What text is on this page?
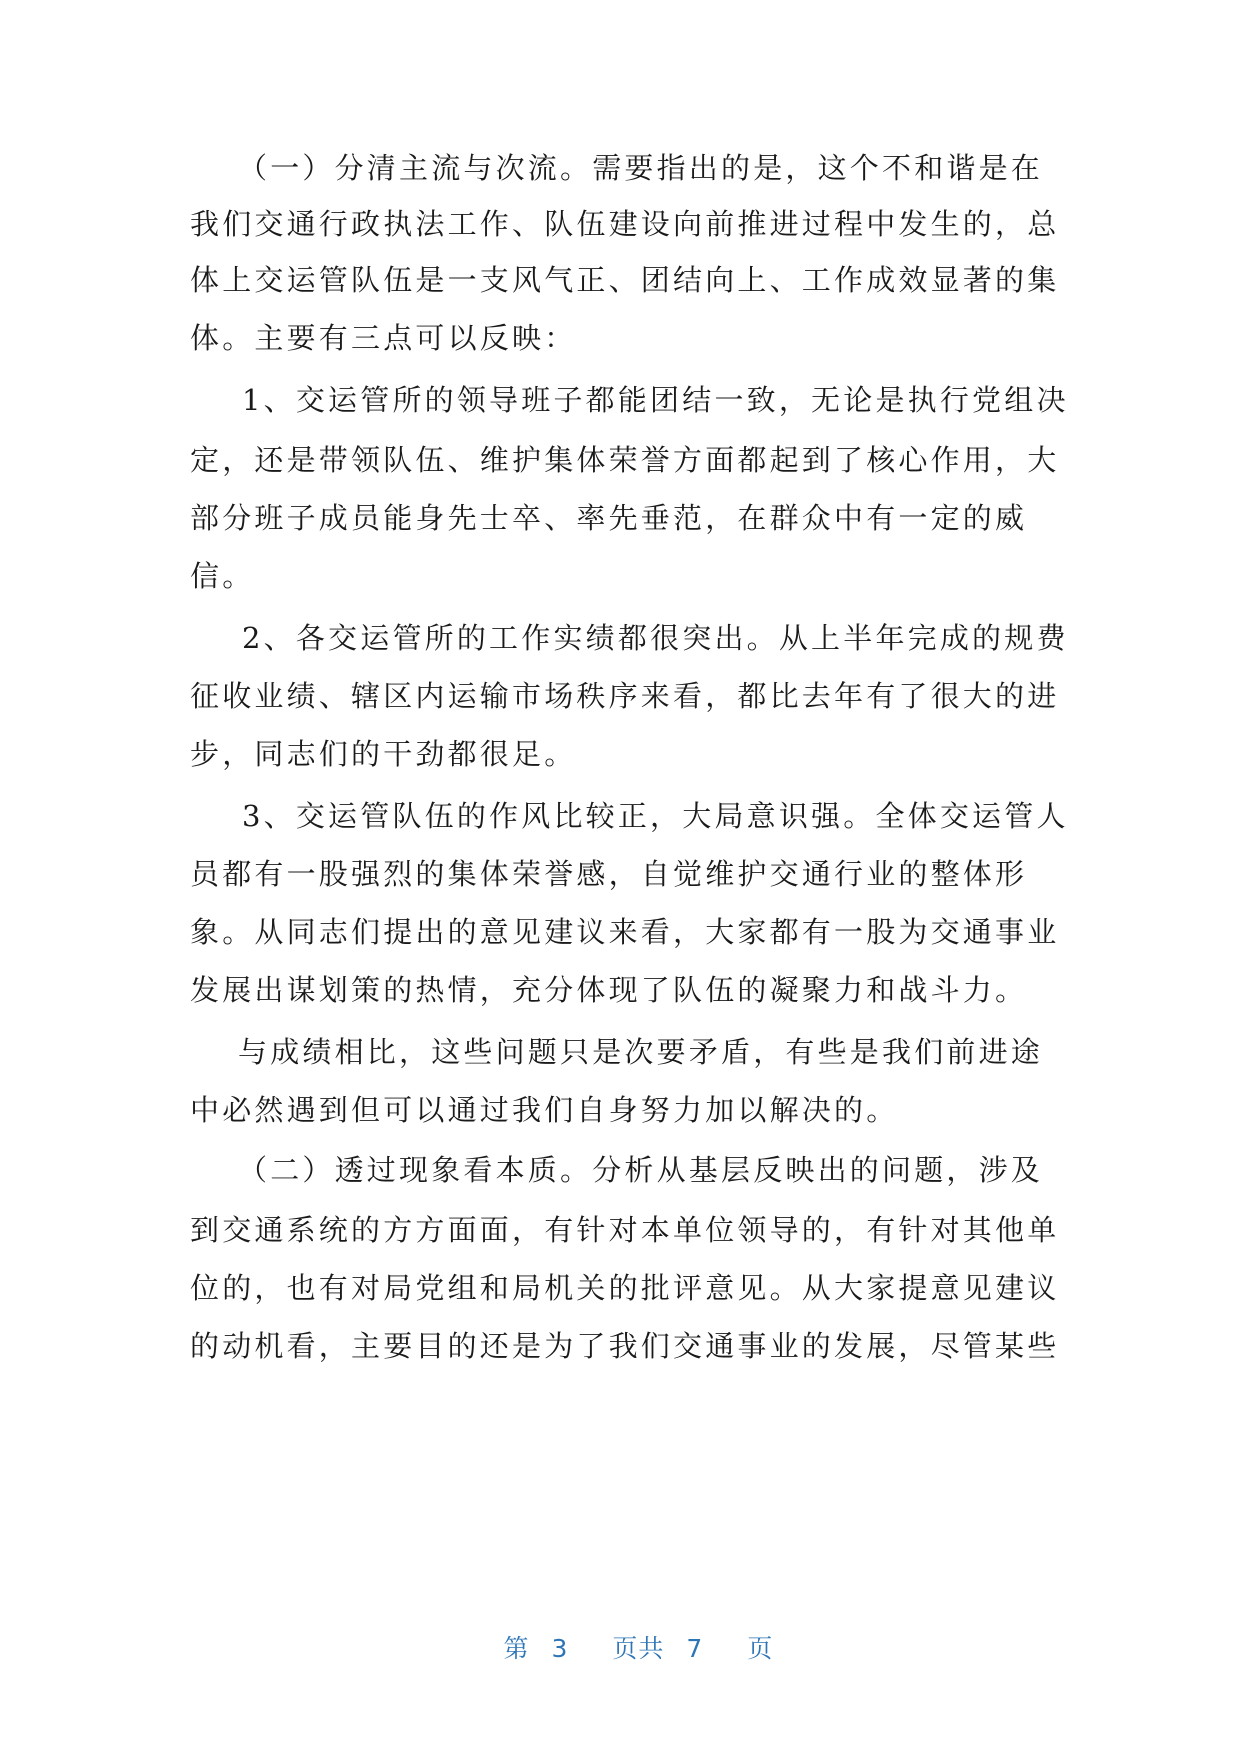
（一）分清主流与次流。需要指出的是，这个不和谐是在
我们交通行政执法工作、队伍建设向前推进过程中发生的，总
体上交运管队伍是一支风气正、团结向上、工作成效显著的集
体。主要有三点可以反映：
1、交运管所的领导班子都能团结一致，无论是执行党组决
定，还是带领队伍、维护集体荣誉方面都起到了核心作用，大
部分班子成员能身先士卒、率先垂范，在群众中有一定的威
信。
2、各交运管所的工作实绩都很突出。从上半年完成的规费
征收业绩、辖区内运输市场秩序来看，都比去年有了很大的进
步，同志们的干劲都很足。
3、交运管队伍的作风比较正，大局意识强。全体交运管人
员都有一股强烈的集体荣誉感，自觉维护交通行业的整体形
象。从同志们提出的意见建议来看，大家都有一股为交通事业
发展出谋划策的热情，充分体现了队伍的凝聚力和战斗力。
与成绩相比，这些问题只是次要矛盾，有些是我们前进途
中必然遇到但可以通过我们自身努力加以解决的。
（二）透过现象看本质。分析从基层反映出的问题，涉及
到交通系统的方方面面，有针对本单位领导的，有针对其他单
位的，也有对局党组和局机关的批评意见。从大家提意见建议
的动机看，主要目的还是为了我们交通事业的发展，尽管某些

第 3 页共 7 页
